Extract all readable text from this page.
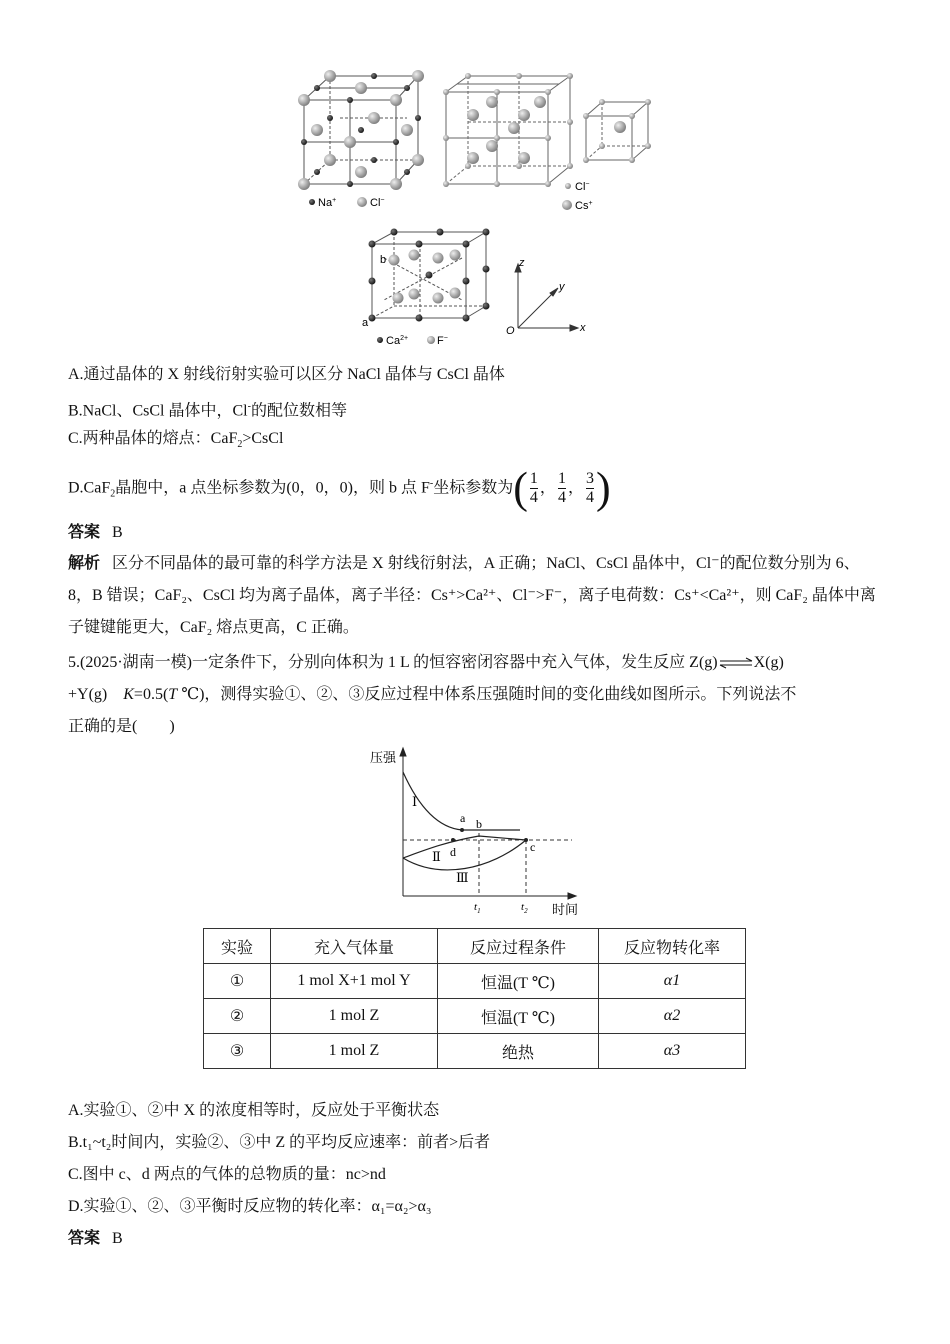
Na+	Cl−
Cl−
Cs+
a
b
$Ca^{2+}$	F−
z
y
x
O
A.通过晶体的 X 射线衍射实验可以区分 NaCl 晶体与 CsCl 晶体
B.NaCl、CsCl 晶体中，Cl-的配位数相等
C.两种晶体的熔点：CaF$_2$>CsCl
D.CaF$_2$晶胞中，a 点坐标参数为(0，0，0)，则 b 点 F-坐标参数为( $\frac{1}{4}$ ， $\frac{1}{4}$ ， $\frac{3}{4}$ )
答案 B
解析 区分不同晶体的最可靠的科学方法是 X 射线衍射法，A 正确；NaCl、CsCl 晶体中，Cl⁻的配位数分别为 6、8，B 错误；CaF₂、CsCl 均为离子晶体，离子半径：Cs⁺>Ca²⁺、Cl⁻>F⁻，离子电荷数：Cs⁺<Ca²⁺，则 CaF₂ 晶体中离子键键能更大，CaF₂ 熔点更高，C 正确。
5.(2025·湖南一模)一定条件下，分别向体积为 1 L 的恒容密闭容器中充入气体，发生反应 Z(g)⇌X(g)
+Y(g)　K=0.5(T ℃)，测得实验①、②、③反应过程中体系压强随时间的变化曲线如图所示。下列说法不
正确的是(　　)
压强
时间
Ⅰ
Ⅱ
Ⅲ
a b
c
d
$t_1$	$t_2$
实验	充入气体量	反应过程条件	反应物转化率
①	1 mol X+1 mol Y	恒温(T ℃)	α1
②	1 mol Z	恒温(T ℃)	α2
③	1 mol Z	绝热	α3
A.实验①、②中 X 的浓度相等时，反应处于平衡状态
B.t₁~t₂时间内，实验②、③中 Z 的平均反应速率：前者>后者
C.图中 c、d 两点的气体的总物质的量：nc>nd
D.实验①、②、③平衡时反应物的转化率：α₁=α₂>α₃
答案 B
